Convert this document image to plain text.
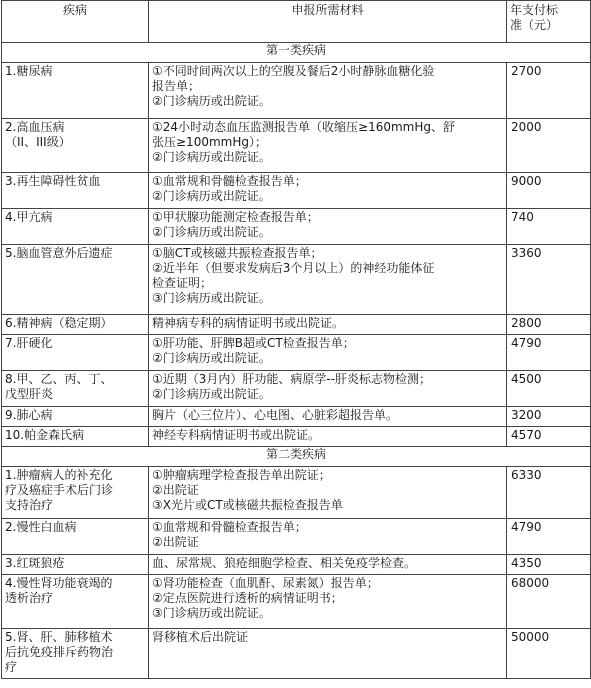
疾病	申报所需材料	年支付标
准（元）

第一类疾病		

1.糖尿病	①不同时间两次以上的空腹及餐后2小时静脉血糖化验
报告单；
②门诊病历或出院证。	2700

2.高血压病
（II、III级）	①24小时动态血压监测报告单（收缩压≥160mmHg、舒
张压≥100mmHg）；
②门诊病历或出院证。	2000

3.再生障碍性贫血	①血常规和骨髓检查报告单；
②门诊病历或出院证。	9000

4.甲亢病	①甲状腺功能测定检查报告单；
②门诊病历或出院证。	740

5.脑血管意外后遗症	①脑CT或核磁共振检查报告单；
②近半年（但要求发病后3个月以上）的神经功能体征
检查证明；
③门诊病历或出院证。	3360

6.精神病（稳定期）	精神病专科的病情证明书或出院证。	2800

7.肝硬化	①肝功能、肝脾B超或CT检查报告单；
②门诊病历或出院证。	4790

8.甲、乙、丙、丁、
戊型肝炎	①近期（3月内）肝功能、病原学--肝炎标志物检测；
②门诊病历或出院证。	4500

9.肺心病	胸片（心三位片）、心电图、心脏彩超报告单。	3200

10.帕金森氏病	神经专科病情证明书或出院证。	4570
第二类疾病		

1.肿瘤病人的补充化
疗及癌症手术后门诊
支持治疗	①肿瘤病理学检查报告单出院证；
②出院证
③X光片或CT或核磁共振检查报告单	6330

2.慢性白血病	①血常规和骨髓检查报告单；
②出院证	4790

3.红斑狼疮	血、尿常规、狼疮细胞学检查、相关免疫学检查。	4350

4.慢性肾功能衰竭的
透析治疗	①肾功能检查（血肌酐、尿素氮）报告单；
②定点医院进行透析的病情证明书；
③门诊病历或出院证。	68000

5.肾、肝、肺移植术
后抗免疫排斥药物治
疗	肾移植术后出院证	50000
